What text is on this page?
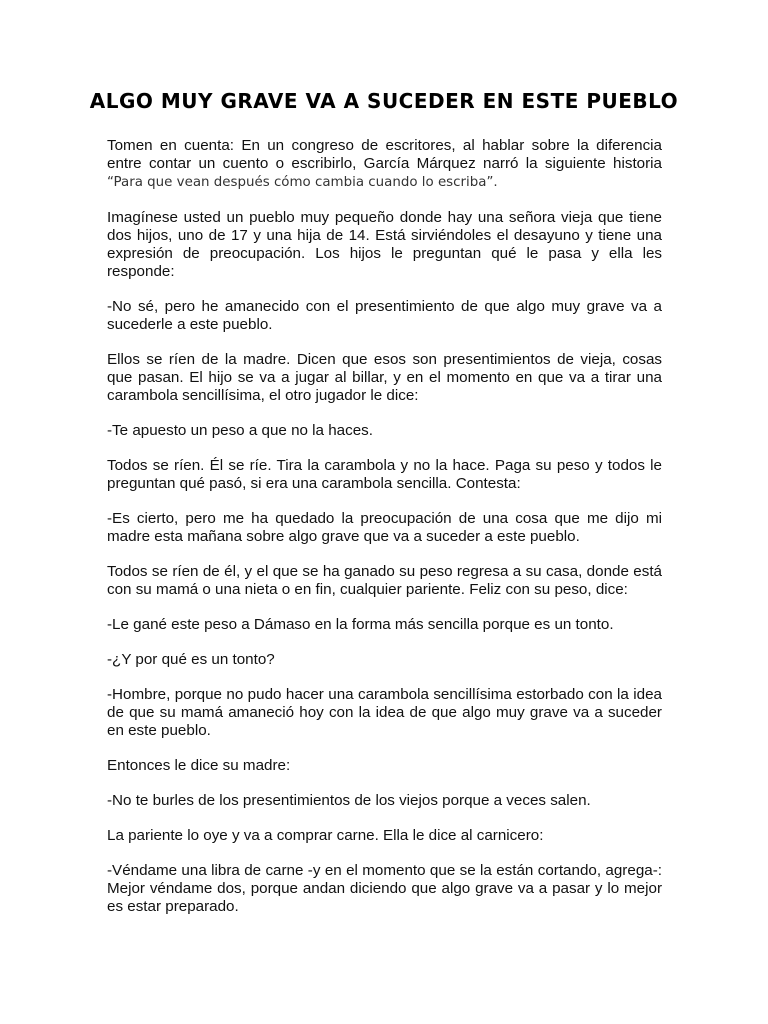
ALGO MUY GRAVE VA A SUCEDER EN ESTE PUEBLO

Tomen en cuenta: En un congreso de escritores, al hablar sobre la diferencia entre contar un cuento o escribirlo, García Márquez narró la siguiente historia “Para que vean después cómo cambia cuando lo escriba”.

Imagínese usted un pueblo muy pequeño donde hay una señora vieja que tiene dos hijos, uno de 17 y una hija de 14. Está sirviéndoles el desayuno y tiene una expresión de preocupación. Los hijos le preguntan qué le pasa y ella les responde:

-No sé, pero he amanecido con el presentimiento de que algo muy grave va a sucederle a este pueblo.

Ellos se ríen de la madre. Dicen que esos son presentimientos de vieja, cosas que pasan. El hijo se va a jugar al billar, y en el momento en que va a tirar una carambola sencillísima, el otro jugador le dice:

-Te apuesto un peso a que no la haces.

Todos se ríen. Él se ríe. Tira la carambola y no la hace. Paga su peso y todos le preguntan qué pasó, si era una carambola sencilla. Contesta:

-Es cierto, pero me ha quedado la preocupación de una cosa que me dijo mi madre esta mañana sobre algo grave que va a suceder a este pueblo.

Todos se ríen de él, y el que se ha ganado su peso regresa a su casa, donde está con su mamá o una nieta o en fin, cualquier pariente. Feliz con su peso, dice:

-Le gané este peso a Dámaso en la forma más sencilla porque es un tonto.

-¿Y por qué es un tonto?

-Hombre, porque no pudo hacer una carambola sencillísima estorbado con la idea de que su mamá amaneció hoy con la idea de que algo muy grave va a suceder en este pueblo.

Entonces le dice su madre:

-No te burles de los presentimientos de los viejos porque a veces salen.

La pariente lo oye y va a comprar carne. Ella le dice al carnicero:

-Véndame una libra de carne -y en el momento que se la están cortando, agrega-: Mejor véndame dos, porque andan diciendo que algo grave va a pasar y lo mejor es estar preparado.
